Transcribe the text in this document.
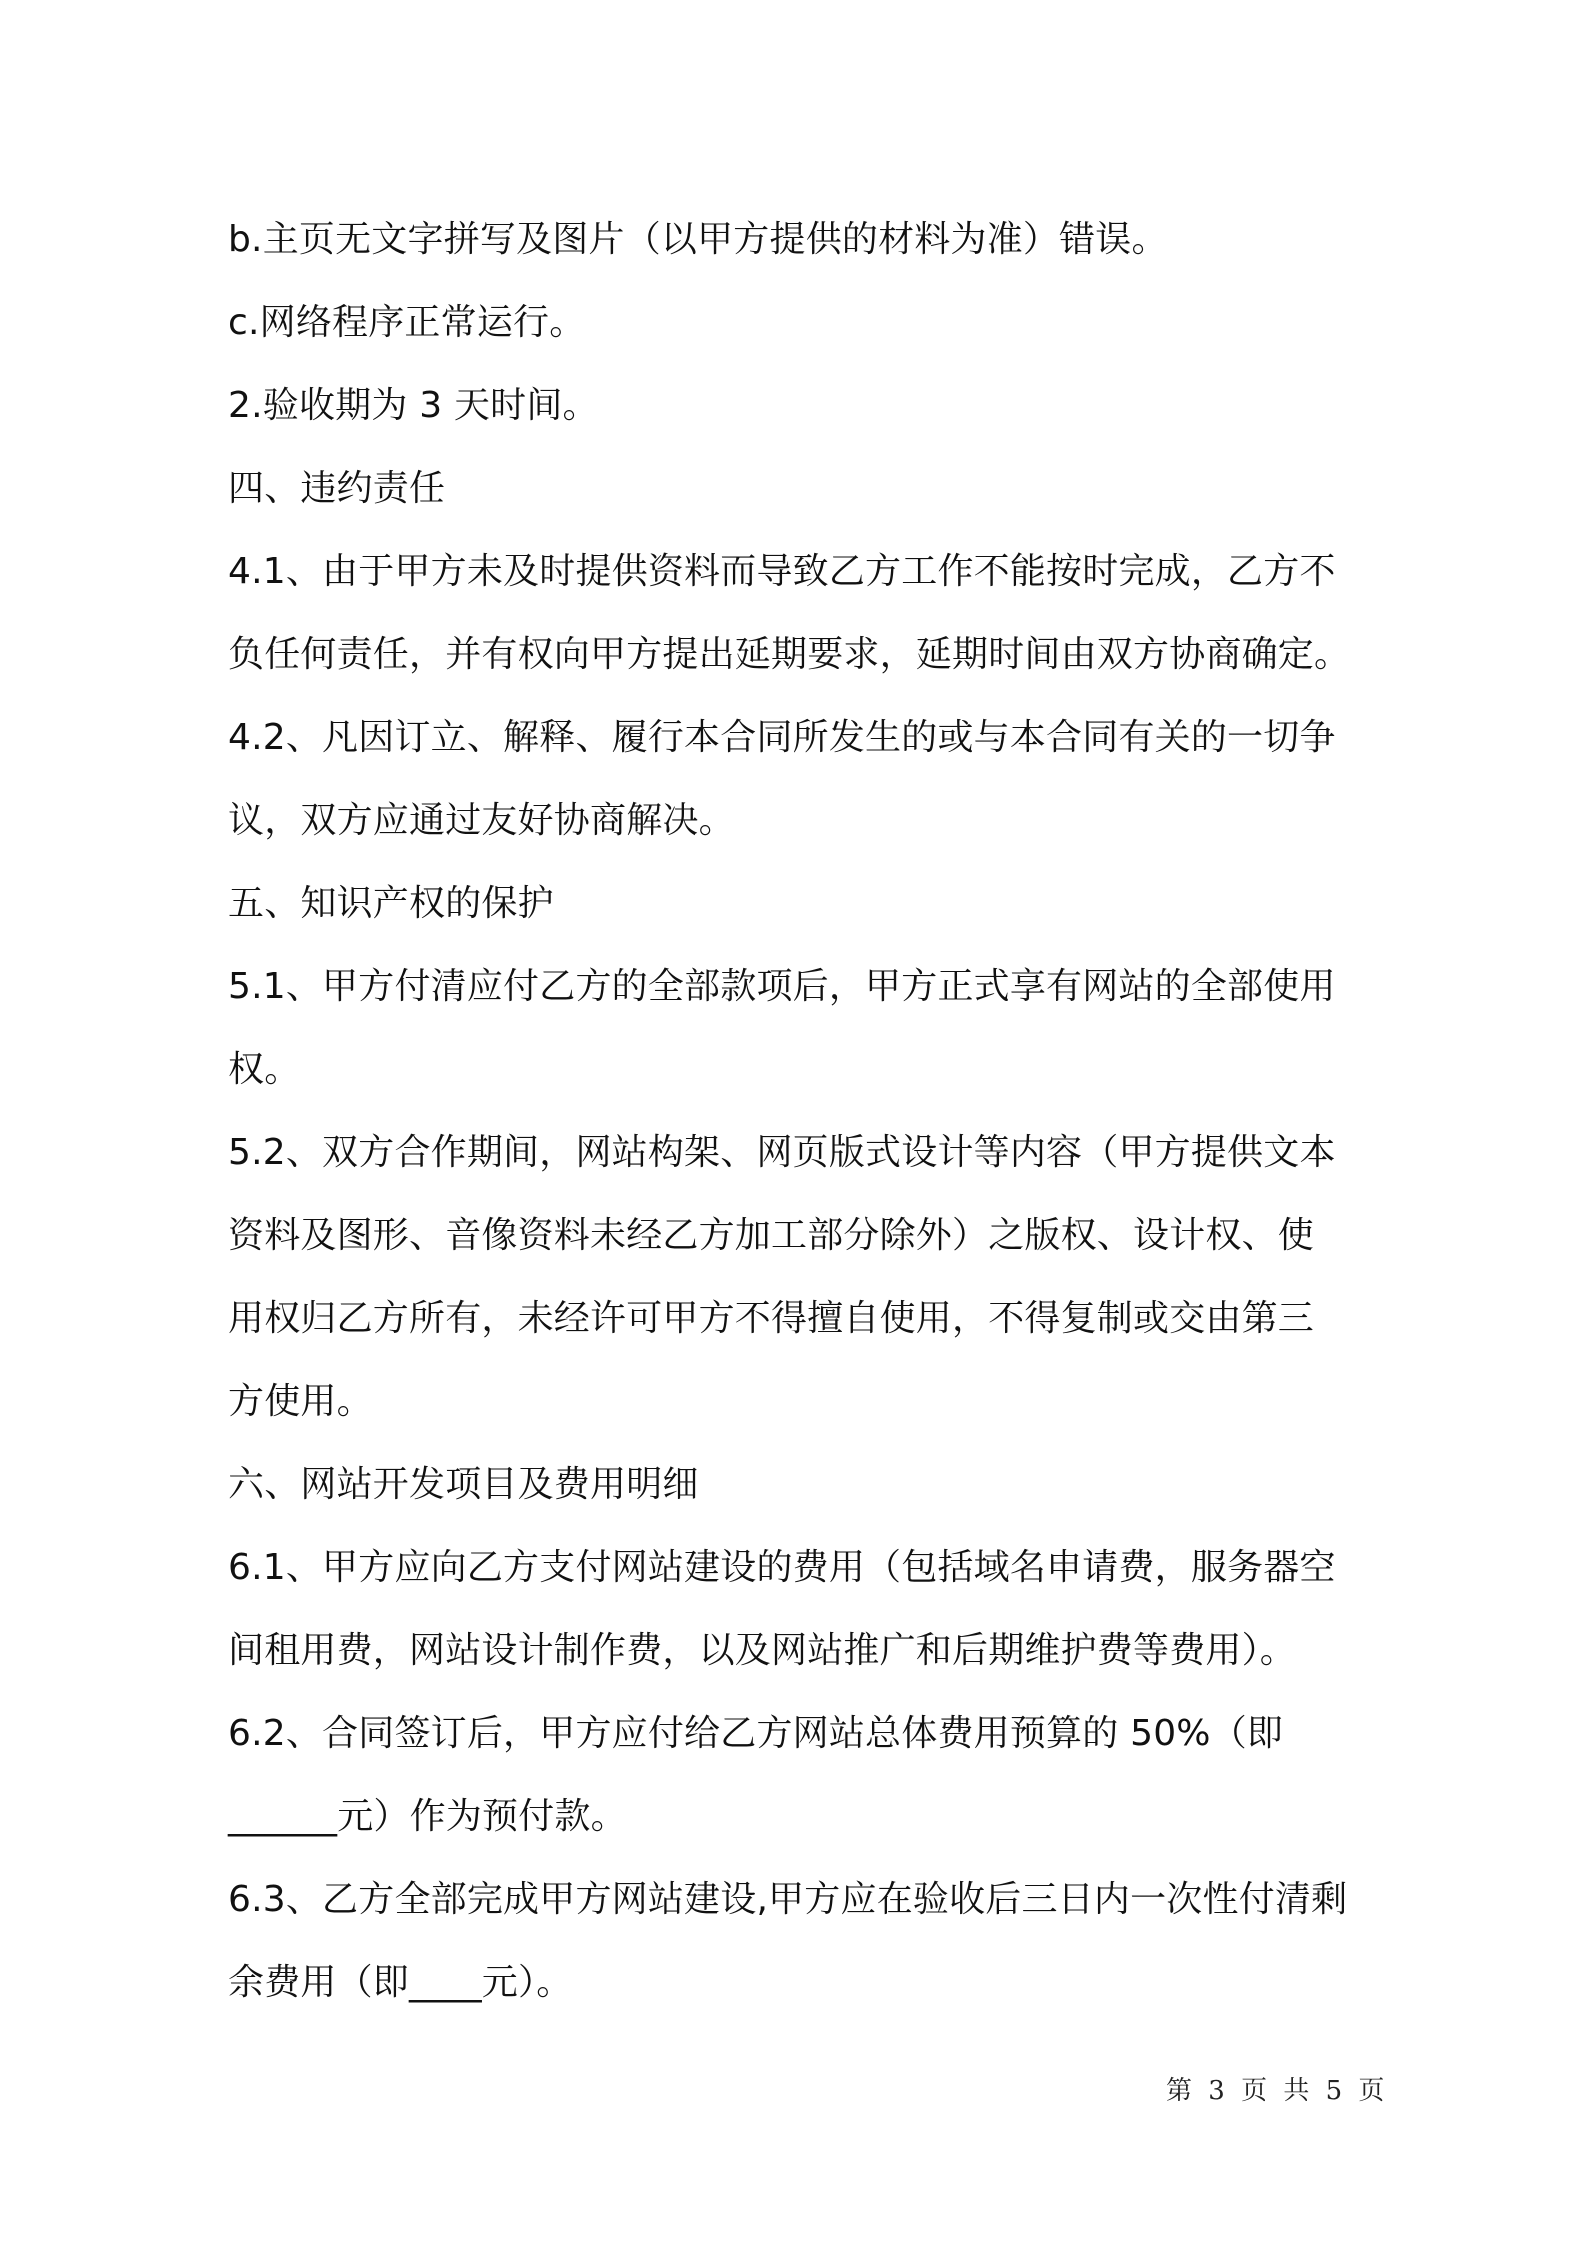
b.主页无文字拼写及图片（以甲方提供的材料为准）错误。
c.网络程序正常运行。
2.验收期为 3 天时间。
四、违约责任
4.1、由于甲方未及时提供资料而导致乙方工作不能按时完成，乙方不
负任何责任，并有权向甲方提出延期要求，延期时间由双方协商确定。
4.2、凡因订立、解释、履行本合同所发生的或与本合同有关的一切争
议，双方应通过友好协商解决。
五、知识产权的保护
5.1、甲方付清应付乙方的全部款项后，甲方正式享有网站的全部使用
权。
5.2、双方合作期间，网站构架、网页版式设计等内容（甲方提供文本
资料及图形、音像资料未经乙方加工部分除外）之版权、设计权、使
用权归乙方所有，未经许可甲方不得擅自使用，不得复制或交由第三
方使用。
六、网站开发项目及费用明细
6.1、甲方应向乙方支付网站建设的费用（包括域名申请费，服务器空
间租用费，网站设计制作费，以及网站推广和后期维护费等费用）。
6.2、合同签订后，甲方应付给乙方网站总体费用预算的 50%（即
______元）作为预付款。
6.3、乙方全部完成甲方网站建设,甲方应在验收后三日内一次性付清剩
余费用（即____元）。
第 3 页 共 5 页
